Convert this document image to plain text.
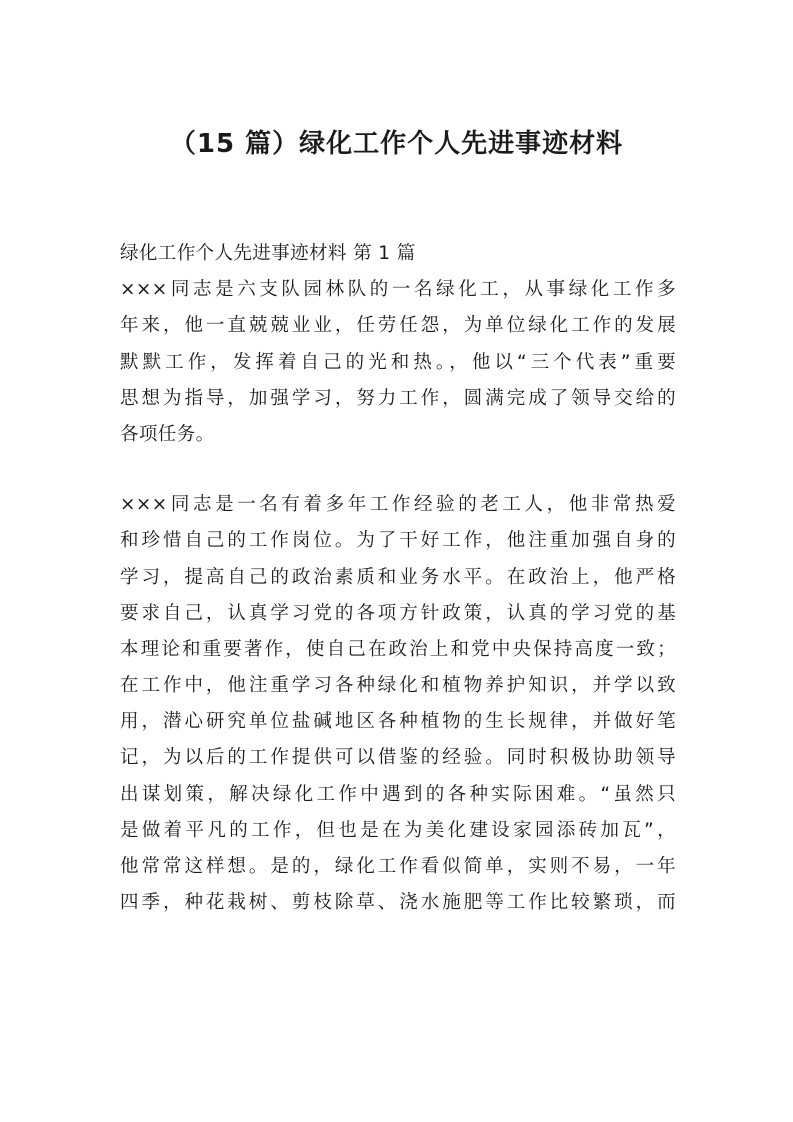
（15 篇）绿化工作个人先进事迹材料
绿化工作个人先进事迹材料 第 1 篇
×××同志是六支队园林队的一名绿化工，从事绿化工作多
年来，他一直兢兢业业，任劳任怨，为单位绿化工作的发展
默默工作，发挥着自己的光和热。，他以“三个代表”重要
思想为指导，加强学习，努力工作，圆满完成了领导交给的
各项任务。
×××同志是一名有着多年工作经验的老工人，他非常热爱
和珍惜自己的工作岗位。为了干好工作，他注重加强自身的
学习，提高自己的政治素质和业务水平。在政治上，他严格
要求自己，认真学习党的各项方针政策，认真的学习党的基
本理论和重要著作，使自己在政治上和党中央保持高度一致；
在工作中，他注重学习各种绿化和植物养护知识，并学以致
用，潜心研究单位盐碱地区各种植物的生长规律，并做好笔
记，为以后的工作提供可以借鉴的经验。同时积极协助领导
出谋划策，解决绿化工作中遇到的各种实际困难。“虽然只
是做着平凡的工作，但也是在为美化建设家园添砖加瓦”，
他常常这样想。是的，绿化工作看似简单，实则不易，一年
四季，种花栽树、剪枝除草、浇水施肥等工作比较繁琐，而
